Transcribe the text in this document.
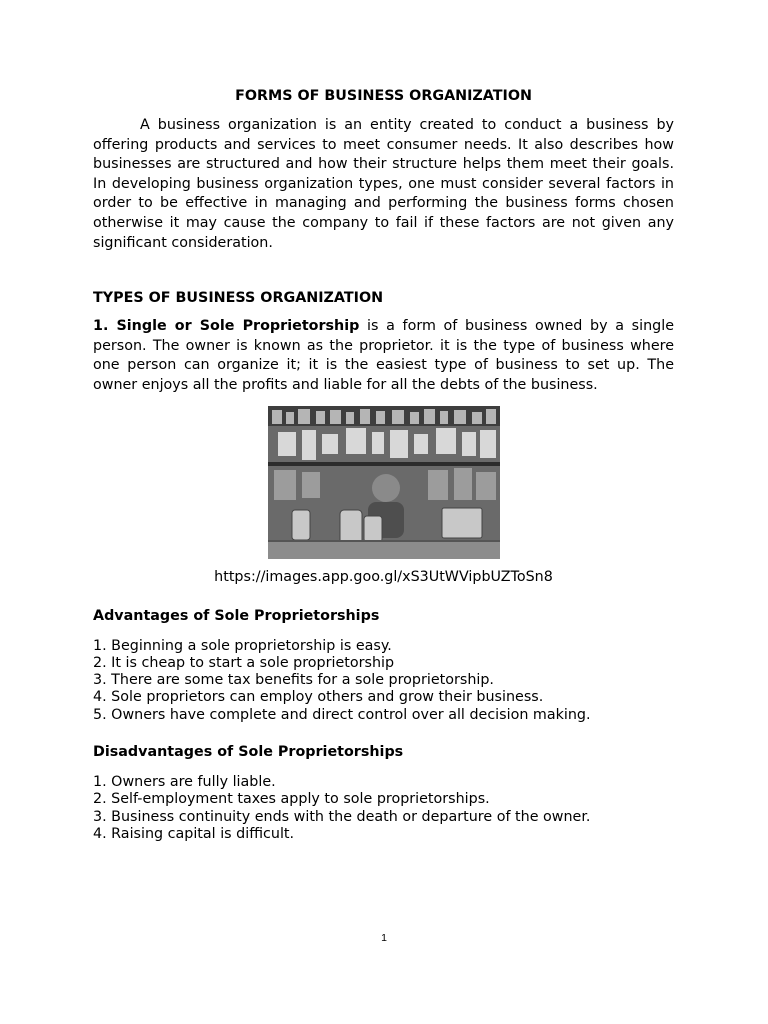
FORMS OF BUSINESS ORGANIZATION

A business organization is an entity created to conduct a business by offering products and services to meet consumer needs. It also describes how businesses are structured and how their structure helps them meet their goals. In developing business organization types, one must consider several factors in order to be effective in managing and performing the business forms chosen otherwise it may cause the company to fail if these factors are not given any significant consideration.

TYPES OF BUSINESS ORGANIZATION

1. Single or Sole Proprietorship is a form of business owned by a single person. The owner is known as the proprietor. it is the type of business where one person can organize it; it is the easiest type of business to set up. The owner enjoys all the profits and liable for all the debts of the business.

https://images.app.goo.gl/xS3UtWVipbUZToSn8

Advantages of Sole Proprietorships
1. Beginning a sole proprietorship is easy.
2. It is cheap to start a sole proprietorship
3. There are some tax benefits for a sole proprietorship.
4. Sole proprietors can employ others and grow their business.
5. Owners have complete and direct control over all decision making.
Disadvantages of Sole Proprietorships
1. Owners are fully liable.
2. Self-employment taxes apply to sole proprietorships.
3. Business continuity ends with the death or departure of the owner.
4. Raising capital is difficult.
1
